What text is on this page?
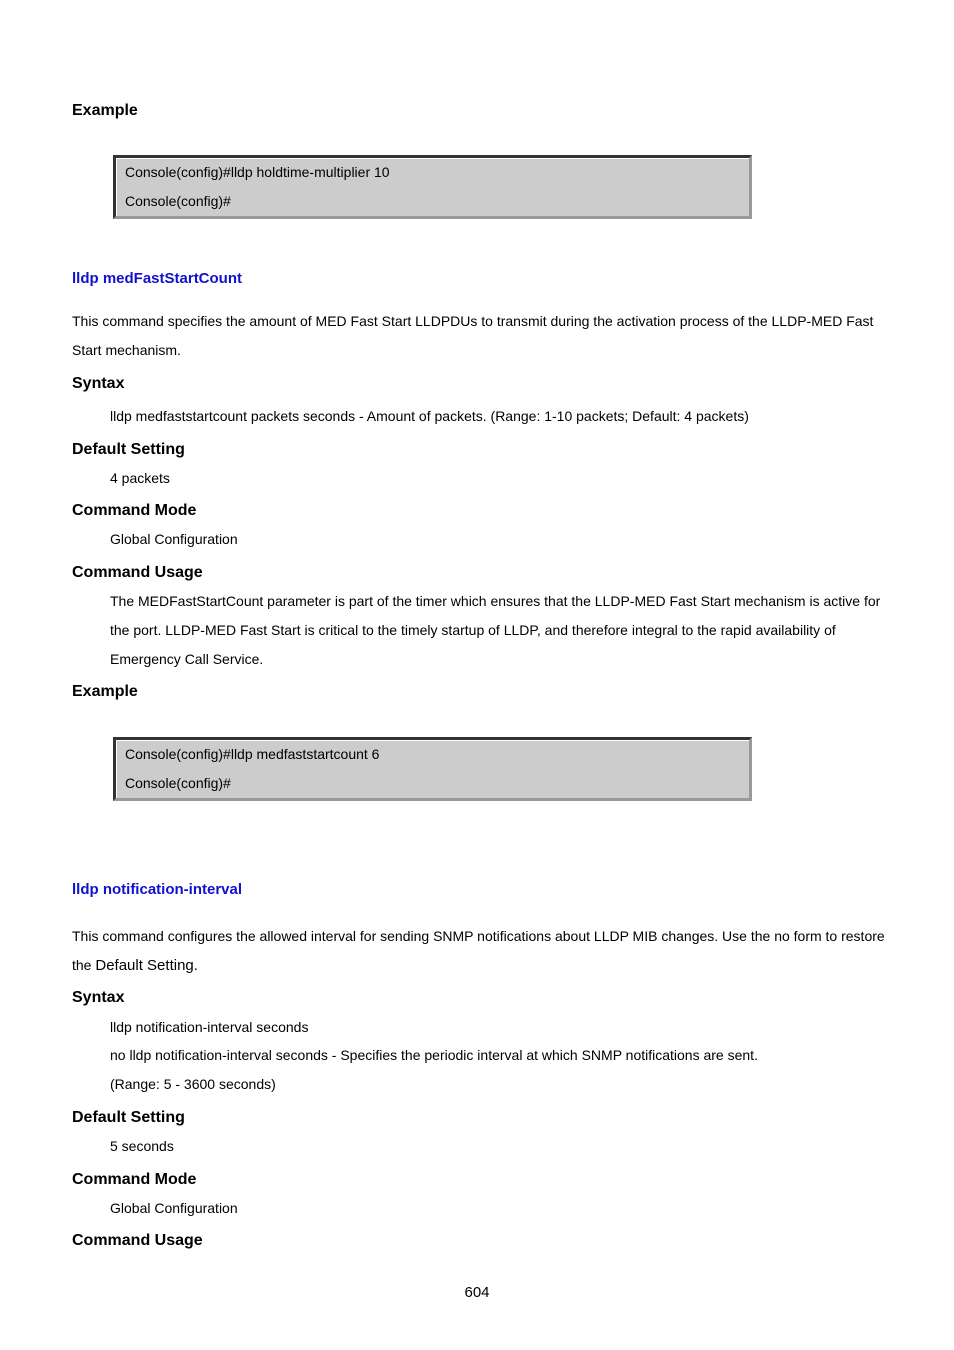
Example
Console(config)#lldp holdtime-multiplier 10
Console(config)#
lldp medFastStartCount
This command specifies the amount of MED Fast Start LLDPDUs to transmit during the activation process of the LLDP-MED Fast Start mechanism.
Syntax
lldp medfaststartcount packets seconds - Amount of packets. (Range: 1-10 packets; Default: 4 packets)
Default Setting
4 packets
Command Mode
Global Configuration
Command Usage
The MEDFastStartCount parameter is part of the timer which ensures that the LLDP-MED Fast Start mechanism is active for the port. LLDP-MED Fast Start is critical to the timely startup of LLDP, and therefore integral to the rapid availability of Emergency Call Service.
Example
Console(config)#lldp medfaststartcount 6
Console(config)#
lldp notification-interval
This command configures the allowed interval for sending SNMP notifications about LLDP MIB changes. Use the no form to restore the Default Setting.
Syntax
lldp notification-interval seconds
no lldp notification-interval seconds - Specifies the periodic interval at which SNMP notifications are sent.
(Range: 5 - 3600 seconds)
Default Setting
5 seconds
Command Mode
Global Configuration
Command Usage
604
